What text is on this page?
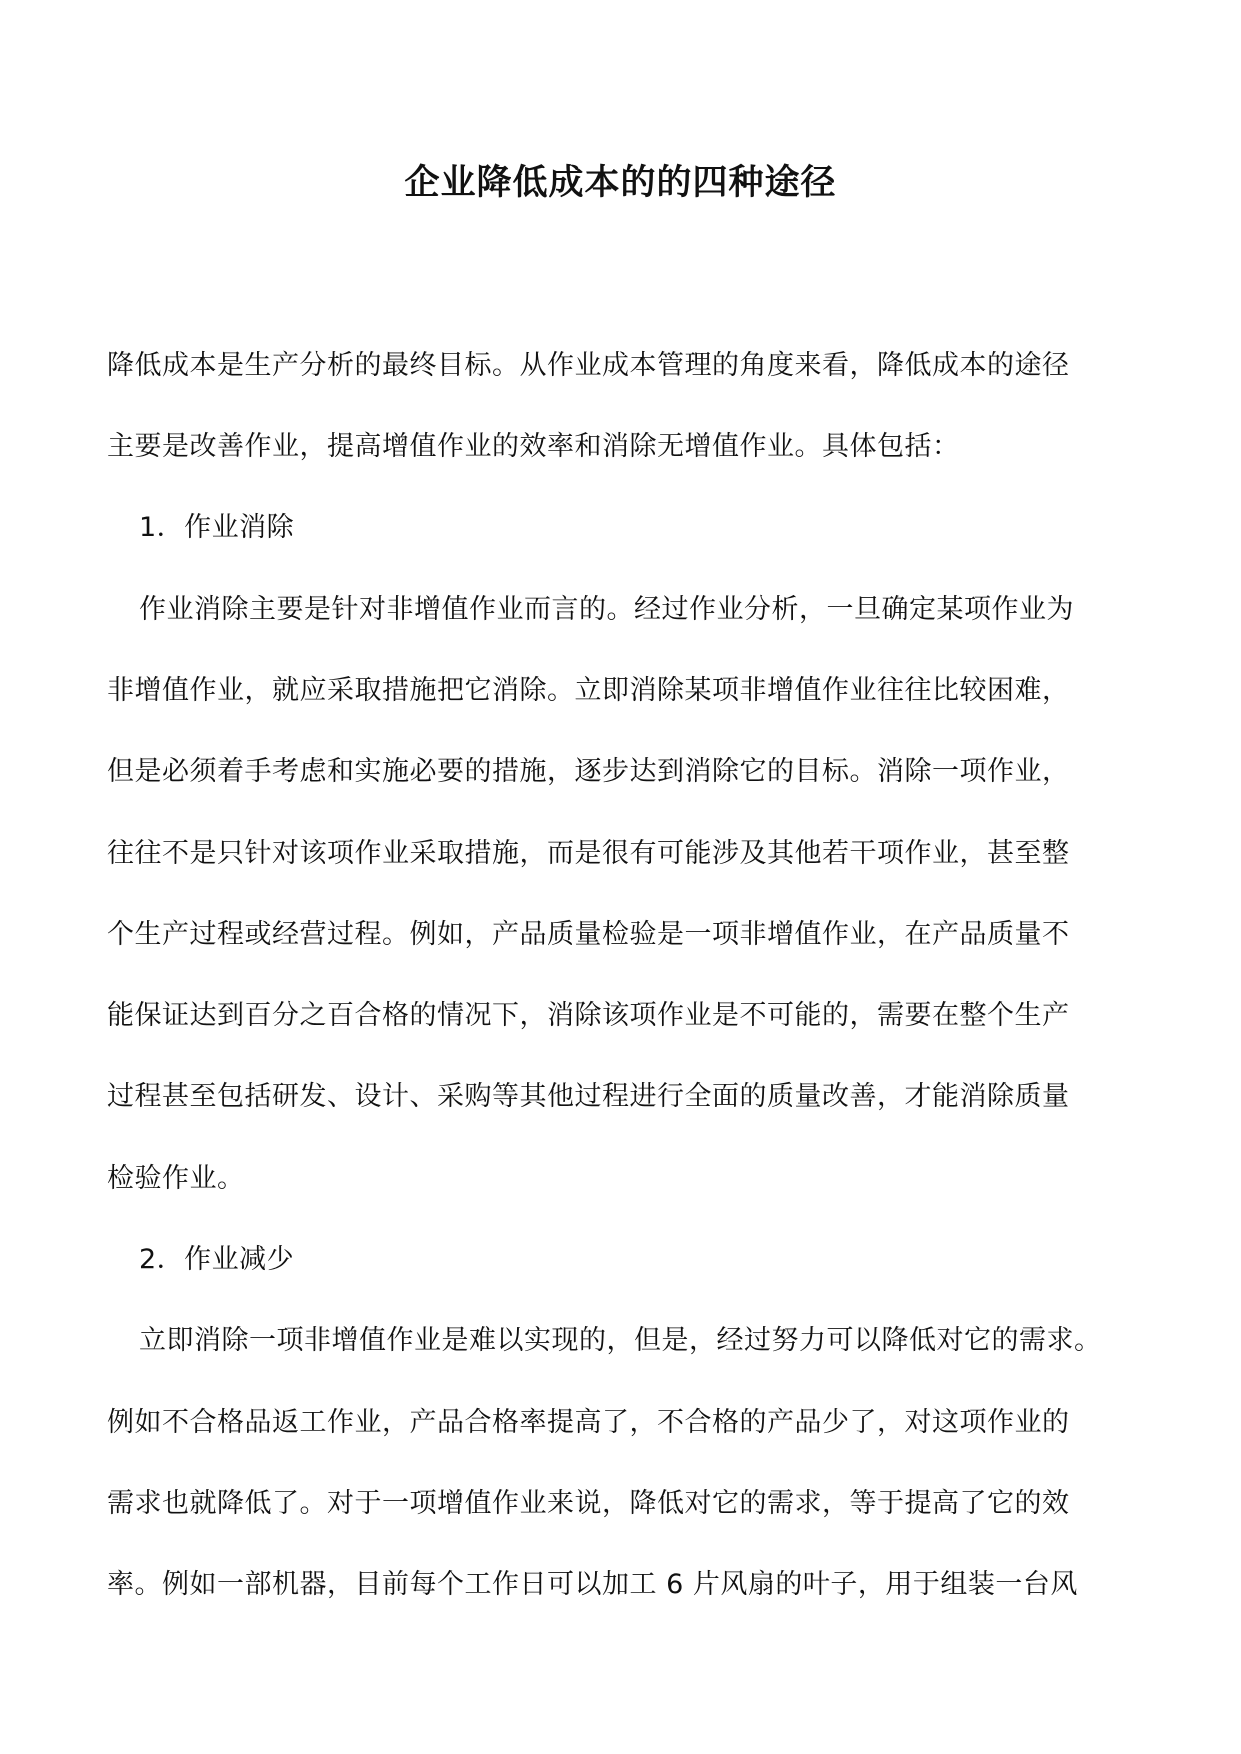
企业降低成本的的四种途径
降低成本是生产分析的最终目标。从作业成本管理的角度来看，降低成本的途径
主要是改善作业，提高增值作业的效率和消除无增值作业。具体包括：
1．作业消除
作业消除主要是针对非增值作业而言的。经过作业分析，一旦确定某项作业为
非增值作业，就应采取措施把它消除。立即消除某项非增值作业往往比较困难，
但是必须着手考虑和实施必要的措施，逐步达到消除它的目标。消除一项作业，
往往不是只针对该项作业采取措施，而是很有可能涉及其他若干项作业，甚至整
个生产过程或经营过程。例如，产品质量检验是一项非增值作业，在产品质量不
能保证达到百分之百合格的情况下，消除该项作业是不可能的，需要在整个生产
过程甚至包括研发、设计、采购等其他过程进行全面的质量改善，才能消除质量
检验作业。
2．作业减少
立即消除一项非增值作业是难以实现的，但是，经过努力可以降低对它的需求。
例如不合格品返工作业，产品合格率提高了，不合格的产品少了，对这项作业的
需求也就降低了。对于一项增值作业来说，降低对它的需求，等于提高了它的效
率。例如一部机器，目前每个工作日可以加工 6 片风扇的叶子，用于组装一台风
